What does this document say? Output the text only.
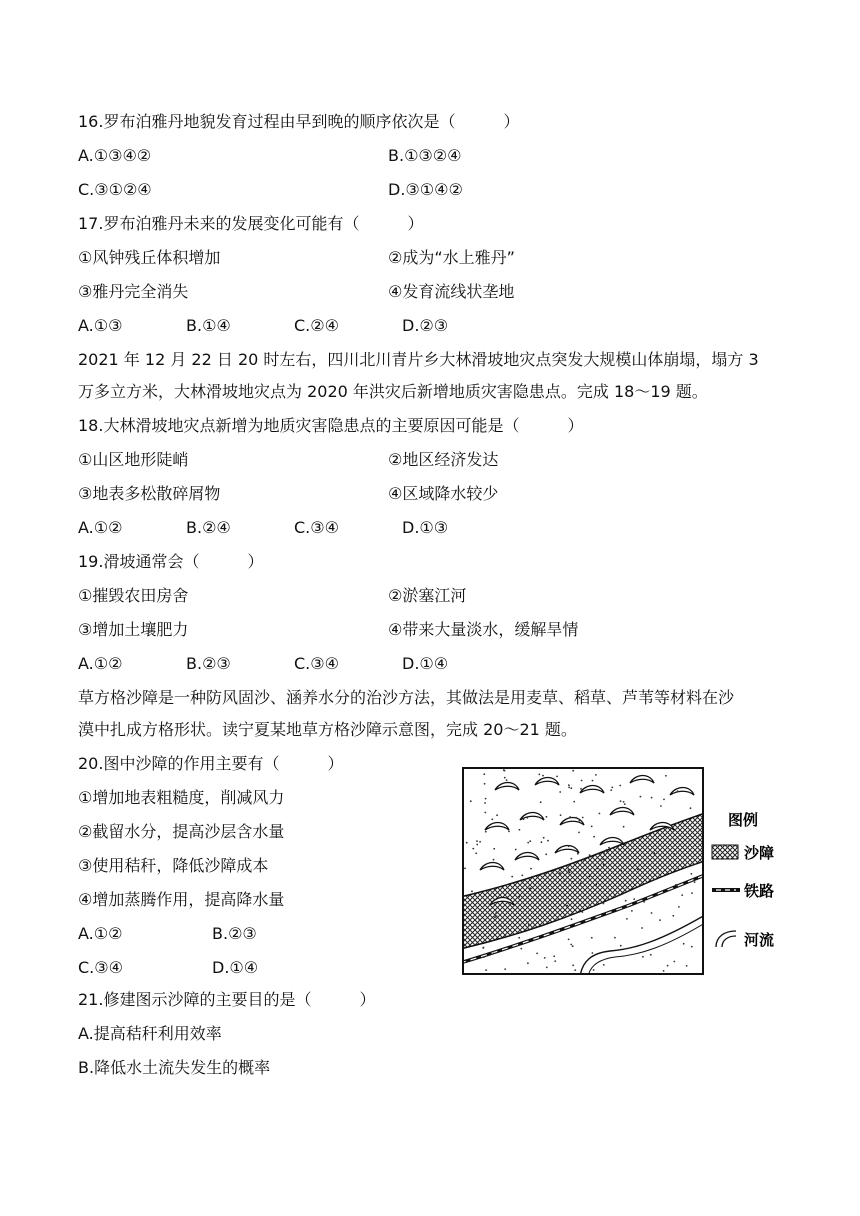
16.罗布泊雅丹地貌发育过程由早到晚的顺序依次是（　　　）
A.①③④②	B.①③②④
C.③①②④	D.③①④②
17.罗布泊雅丹未来的发展变化可能有（　　　）
①风钟残丘体积增加	②成为“水上雅丹”
③雅丹完全消失	④发育流线状垄地
A.①③	B.①④	C.②④	D.②③
2021 年 12 月 22 日 20 时左右，四川北川青片乡大林滑坡地灾点突发大规模山体崩塌，塌方 3
万多立方米，大林滑坡地灾点为 2020 年洪灾后新增地质灾害隐患点。完成 18～19 题。
18.大林滑坡地灾点新增为地质灾害隐患点的主要原因可能是（　　　）
①山区地形陡峭	②地区经济发达
③地表多松散碎屑物	④区域降水较少
A.①②	B.②④	C.③④	D.①③
19.滑坡通常会（　　　）
①摧毁农田房舍	②淤塞江河
③增加土壤肥力	④带来大量淡水，缓解旱情
A.①②	B.②③	C.③④	D.①④
草方格沙障是一种防风固沙、涵养水分的治沙方法，其做法是用麦草、稻草、芦苇等材料在沙
漠中扎成方格形状。读宁夏某地草方格沙障示意图，完成 20～21 题。
20.图中沙障的作用主要有（　　　）
①增加地表粗糙度，削减风力
②截留水分，提高沙层含水量
③使用秸秆，降低沙障成本
④增加蒸腾作用，提高降水量
A.①②	B.②③
C.③④	D.①④
21.修建图示沙障的主要目的是（　　　）
A.提高秸秆利用效率
B.降低水土流失发生的概率
图例
沙障
铁路
河流
